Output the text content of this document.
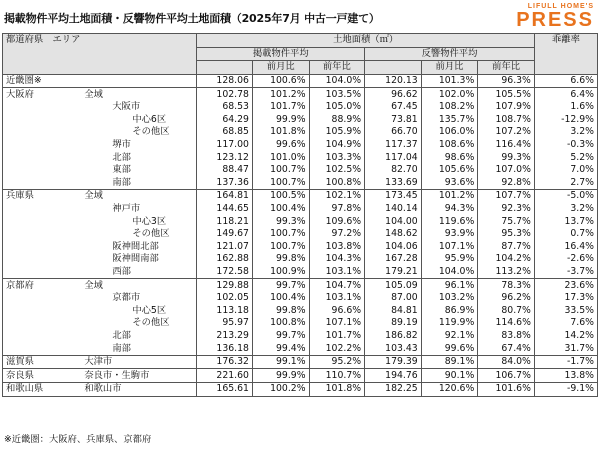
掲載物件平均土地面積・反響物件平均土地面積（2025年7月 中古一戸建て）
LIFULL HOME'S
PRESS
都道府県　エリア		土地面積（㎡）						乖離率
		掲載物件平均			反響物件平均			
			前月比	前年比		前月比	前年比	
近畿圏※		128.06	100.6%	104.0%	120.13	101.3%	96.3%	6.6%
大阪府	全域	102.78	101.2%	103.5%	96.62	102.0%	105.5%	6.4%
	大阪市	68.53	101.7%	105.0%	67.45	108.2%	107.9%	1.6%
	中心6区	64.29	99.9%	88.9%	73.81	135.7%	108.7%	-12.9%
	その他区	68.85	101.8%	105.9%	66.70	106.0%	107.2%	3.2%
	堺市	117.00	99.6%	104.9%	117.37	108.6%	116.4%	-0.3%
	北部	123.12	101.0%	103.3%	117.04	98.6%	99.3%	5.2%
	東部	88.47	100.7%	102.5%	82.70	105.6%	107.0%	7.0%
	南部	137.36	100.7%	100.8%	133.69	93.6%	92.8%	2.7%
兵庫県	全域	164.81	100.5%	102.1%	173.45	101.2%	107.7%	-5.0%
	神戸市	144.65	100.4%	97.8%	140.14	94.3%	92.3%	3.2%
	中心3区	118.21	99.3%	109.6%	104.00	119.6%	75.7%	13.7%
	その他区	149.67	100.7%	97.2%	148.62	93.9%	95.3%	0.7%
	阪神間北部	121.07	100.7%	103.8%	104.06	107.1%	87.7%	16.4%
	阪神間南部	162.88	99.8%	104.3%	167.28	95.9%	104.2%	-2.6%
	西部	172.58	100.9%	103.1%	179.21	104.0%	113.2%	-3.7%
京都府	全域	129.88	99.7%	104.7%	105.09	96.1%	78.3%	23.6%
	京都市	102.05	100.4%	103.1%	87.00	103.2%	96.2%	17.3%
	中心5区	113.18	99.8%	96.6%	84.81	86.9%	80.7%	33.5%
	その他区	95.97	100.8%	107.1%	89.19	119.9%	114.6%	7.6%
	北部	213.29	99.7%	101.7%	186.82	92.1%	83.8%	14.2%
	南部	136.18	99.4%	102.2%	103.43	99.6%	67.4%	31.7%
滋賀県	大津市	176.32	99.1%	95.2%	179.39	89.1%	84.0%	-1.7%
奈良県	奈良市・生駒市	221.60	99.9%	110.7%	194.76	90.1%	106.7%	13.8%
和歌山県	和歌山市	165.61	100.2%	101.8%	182.25	120.6%	101.6%	-9.1%
※近畿圏：大阪府、兵庫県、京都府
